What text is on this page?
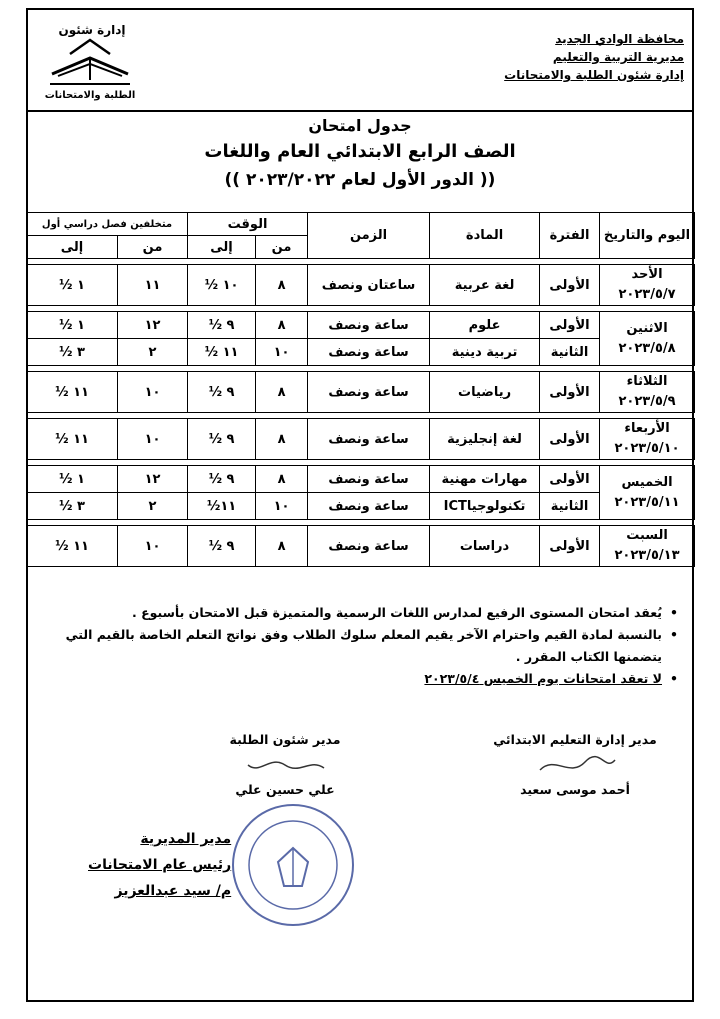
إدارة شئون
الطلبة والامتحانات
محافظة الوادي الجديد
مديرية التربية والتعليم
إدارة شئون الطلبة والامتحانات
جدول امتحان
الصف الرابع الابتدائي العام واللغات
(( الدور الأول لعام ٢٠٢٣/٢٠٢٢ ))
اليوم والتاريخ	الفترة	المادة	الزمن	الوقت		متخلفين فصل دراسي أول	
				من	إلى	من	إلى

الأحد
٢٠٢٣/٥/٧	الأولى	لغة عربية	ساعتان ونصف	٨	١٠ ½	١١	١ ½

الاثنين
٢٠٢٣/٥/٨	الأولى	علوم	ساعة ونصف	٨	٩ ½	١٢	١ ½
	الثانية	تربية دينية	ساعة ونصف	١٠	١١ ½	٢	٣ ½

الثلاثاء
٢٠٢٣/٥/٩	الأولى	رياضيات	ساعة ونصف	٨	٩ ½	١٠	١١ ½

الأربعاء
٢٠٢٣/٥/١٠	الأولى	لغة إنجليزية	ساعة ونصف	٨	٩ ½	١٠	١١ ½

الخميس
٢٠٢٣/٥/١١	الأولى	مهارات مهنية	ساعة ونصف	٨	٩ ½	١٢	١ ½
	الثانية	تكنولوجياICT	ساعة ونصف	١٠	١١½	٢	٣ ½

السبت
٢٠٢٣/٥/١٣	الأولى	دراسات	ساعة ونصف	٨	٩ ½	١٠	١١ ½
• يُعقد امتحان المستوى الرفيع لمدارس اللغات الرسمية والمتميزة قبل الامتحان بأسبوع .
• بالنسبة لمادة القيم واحترام الآخر يقيم المعلم سلوك الطلاب وفق نواتج التعلم الخاصة بالقيم التي
يتضمنها الكتاب المقرر .
• لا تعقد امتحانات يوم الخميس ٢٠٢٣/٥/٤
مدير إدارة التعليم الابتدائي
أحمد موسى سعيد
مدير شئون الطلبة
علي حسين علي
مدير المديرية
رئيس عام الامتحانات
م/ سيد عبدالعزيز
